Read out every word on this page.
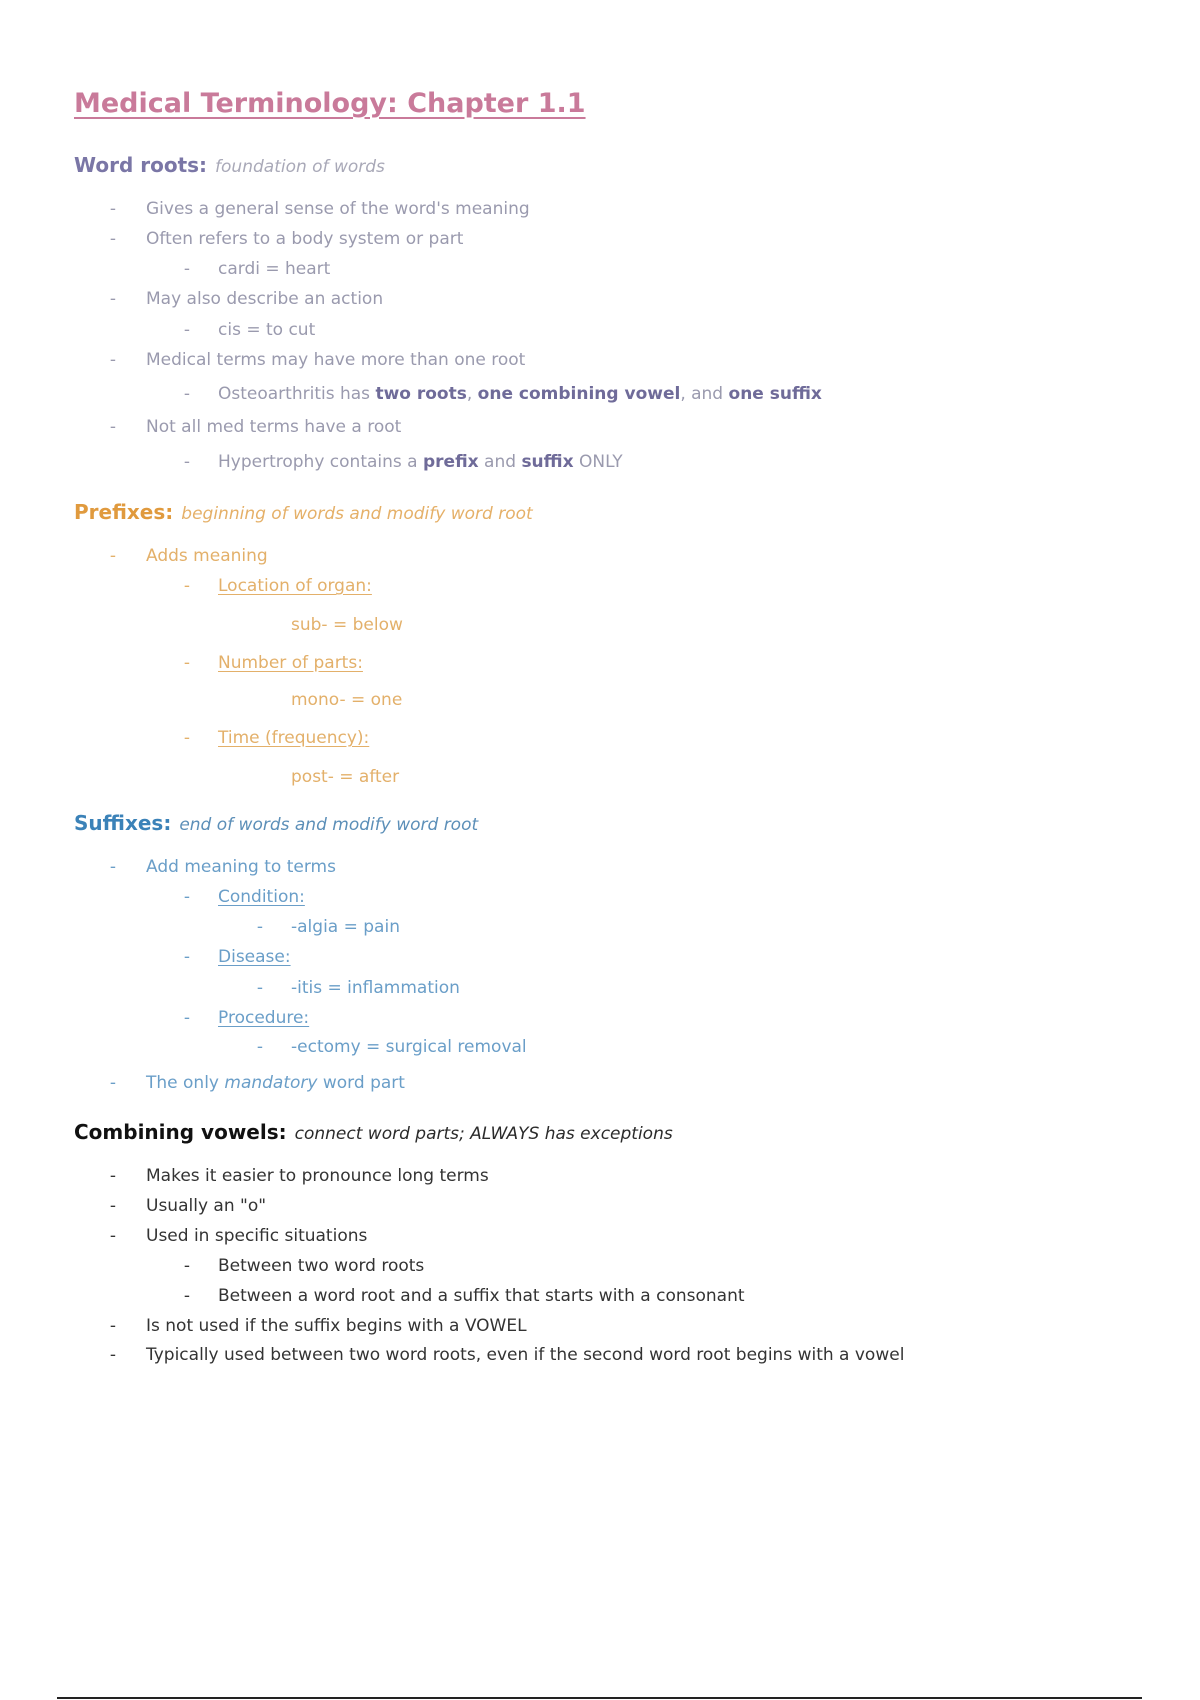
Medical Terminology: Chapter 1.1
Word roots: foundation of words
-	Gives a general sense of the word's meaning
-	Often refers to a body system or part
-	cardi = heart
-	May also describe an action
-	cis = to cut
-	Medical terms may have more than one root
-	Osteoarthritis has two roots, one combining vowel, and one suffix
-	Not all med terms have a root
-	Hypertrophy contains a prefix and suffix ONLY
Prefixes: beginning of words and modify word root
-	Adds meaning
-	Location of organ:
sub- = below
-	Number of parts:
mono- = one
-	Time (frequency):
post- = after
Suffixes: end of words and modify word root
-	Add meaning to terms
-	Condition:
-	-algia = pain
-	Disease:
-	-itis = inflammation
-	Procedure:
-	-ectomy = surgical removal
-	The only mandatory word part
Combining vowels: connect word parts; ALWAYS has exceptions
-	Makes it easier to pronounce long terms
-	Usually an "o"
-	Used in specific situations
-	Between two word roots
-	Between a word root and a suffix that starts with a consonant
-	Is not used if the suffix begins with a VOWEL
-	Typically used between two word roots, even if the second word root begins with a vowel
